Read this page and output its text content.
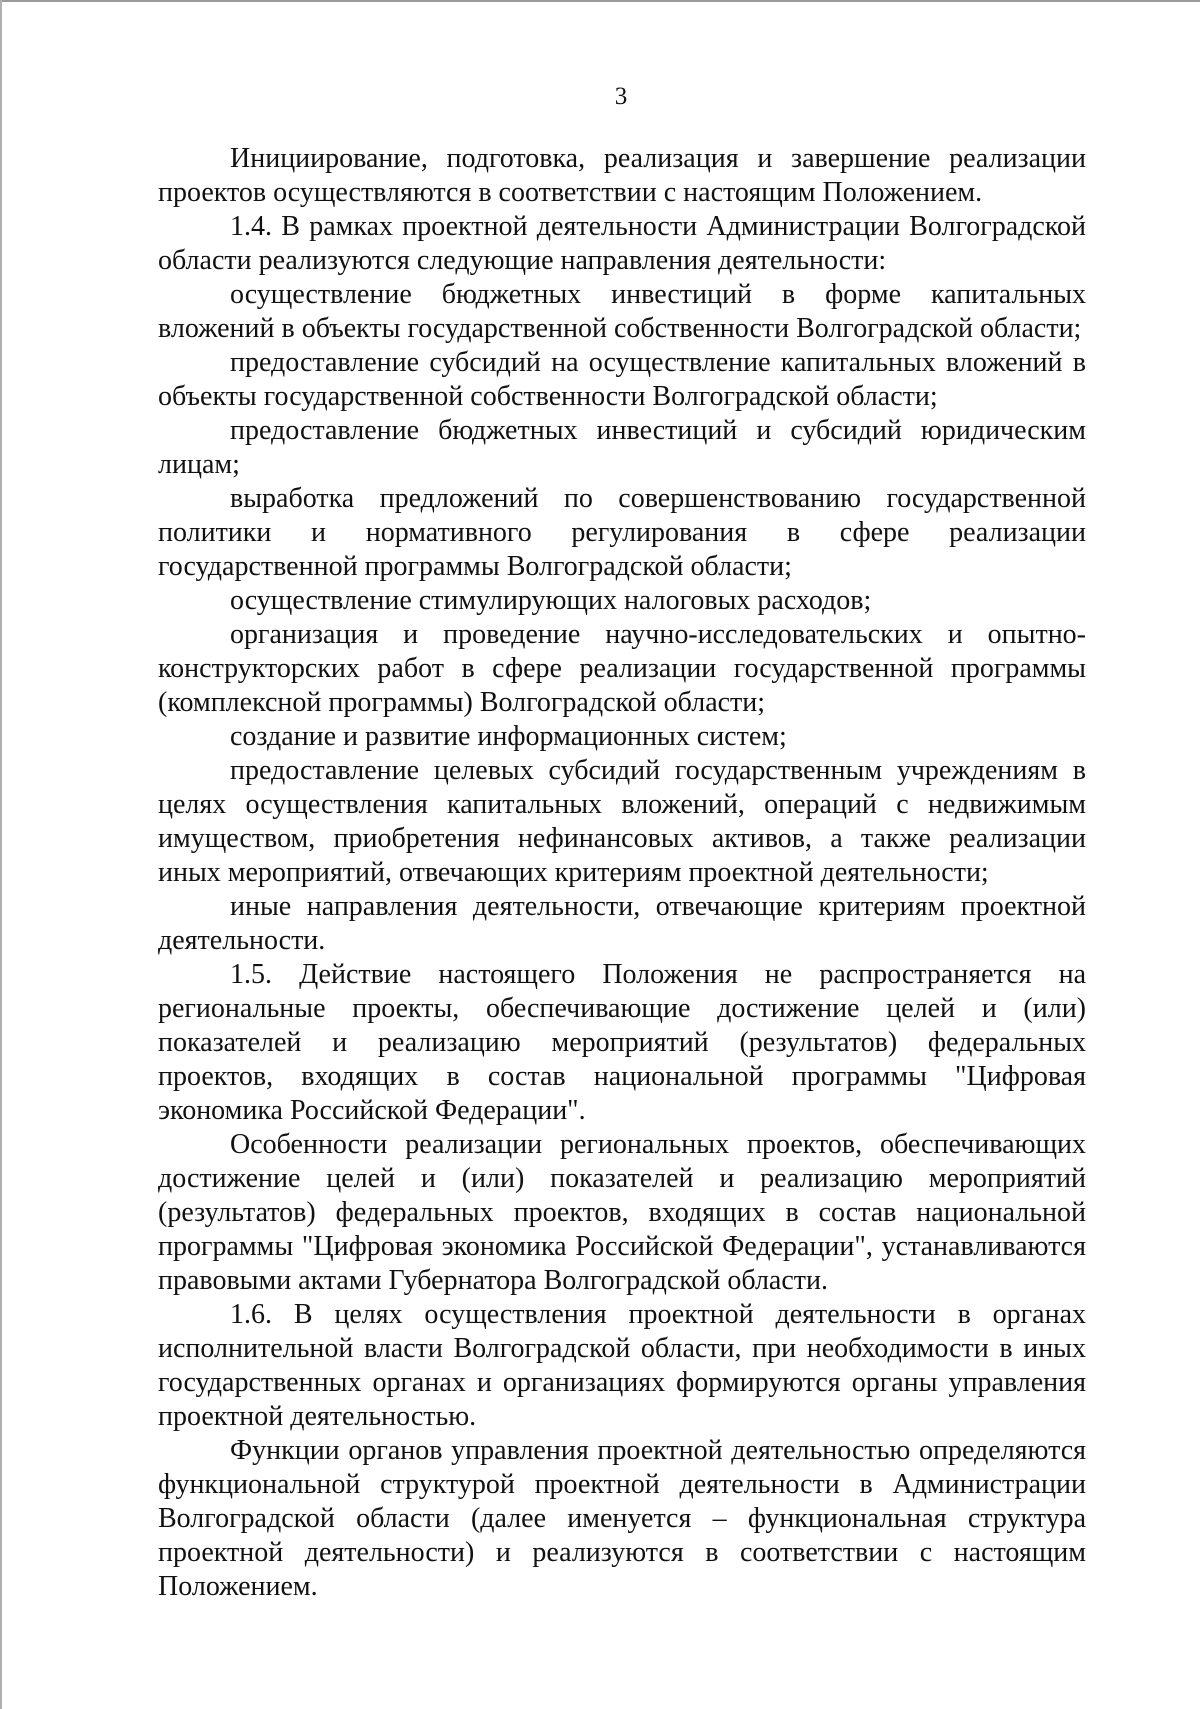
3

Инициирование, подготовка, реализация и завершение реализации проектов осуществляются в соответствии с настоящим Положением.

1.4. В рамках проектной деятельности Администрации Волгоградской области реализуются следующие направления деятельности:

осуществление бюджетных инвестиций в форме капитальных вложений в объекты государственной собственности Волгоградской области;

предоставление субсидий на осуществление капитальных вложений в объекты государственной собственности Волгоградской области;

предоставление бюджетных инвестиций и субсидий юридическим лицам;

выработка предложений по совершенствованию государственной политики и нормативного регулирования в сфере реализации государственной программы Волгоградской области;

осуществление стимулирующих налоговых расходов;

организация и проведение научно-исследовательских и опытно-конструкторских работ в сфере реализации государственной программы (комплексной программы) Волгоградской области;

создание и развитие информационных систем;

предоставление целевых субсидий государственным учреждениям в целях осуществления капитальных вложений, операций с недвижимым имуществом, приобретения нефинансовых активов, а также реализации иных мероприятий, отвечающих критериям проектной деятельности;

иные направления деятельности, отвечающие критериям проектной деятельности.

1.5. Действие настоящего Положения не распространяется на региональные проекты, обеспечивающие достижение целей и (или) показателей и реализацию мероприятий (результатов) федеральных проектов, входящих в состав национальной программы "Цифровая экономика Российской Федерации".

Особенности реализации региональных проектов, обеспечивающих достижение целей и (или) показателей и реализацию мероприятий (результатов) федеральных проектов, входящих в состав национальной программы "Цифровая экономика Российской Федерации", устанавливаются правовыми актами Губернатора Волгоградской области.

1.6. В целях осуществления проектной деятельности в органах исполнительной власти Волгоградской области, при необходимости в иных государственных органах и организациях формируются органы управления проектной деятельностью.

Функции органов управления проектной деятельностью определяются функциональной структурой проектной деятельности в Администрации Волгоградской области (далее именуется – функциональная структура проектной деятельности) и реализуются в соответствии с настоящим Положением.
